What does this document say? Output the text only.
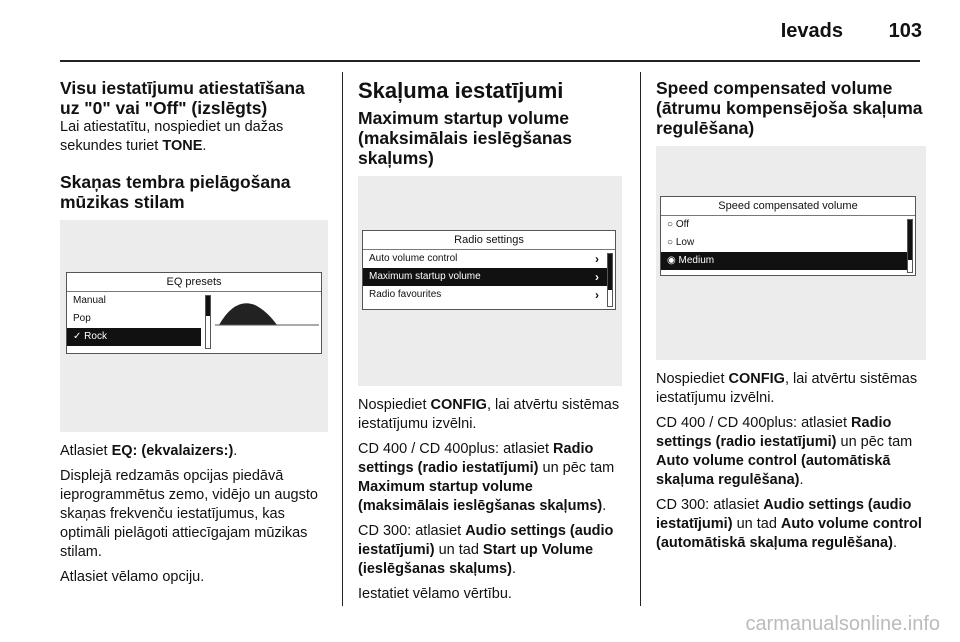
Ievads 103
Visu iestatījumu atiestatīšana uz "0" vai "Off" (izslēgts)

Lai atiestatītu, nospiediet un dažas sekundes turiet TONE.

Skaņas tembra pielāgošana mūzikas stilam
EQ presets
Manual
Pop
✓ Rock

Atlasiet EQ: (ekvalaizers:).

Displejā redzamās opcijas piedāvā ieprogrammētus zemo, vidējo un augsto skaņas frekvenču iestatījumus, kas optimāli pielāgoti attiecīgajam mūzikas stilam.

Atlasiet vēlamo opciju.

Skaļuma iestatījumi
Maximum startup volume (maksimālais ieslēgšanas skaļums)
Radio settings
Auto volume control	›
Maximum startup volume	›
Radio favourites	›

Nospiediet CONFIG, lai atvērtu sistēmas iestatījumu izvēlni.

CD 400 / CD 400plus: atlasiet Radio settings (radio iestatījumi) un pēc tam Maximum startup volume (maksimālais ieslēgšanas skaļums).

CD 300: atlasiet Audio settings (audio iestatījumi) un tad Start up Volume (ieslēgšanas skaļums).

Iestatiet vēlamo vērtību.

Speed compensated volume (ātrumu kompensējoša skaļuma regulēšana)
Speed compensated volume
○ Off
○ Low
◉ Medium

Nospiediet CONFIG, lai atvērtu sistēmas iestatījumu izvēlni.

CD 400 / CD 400plus: atlasiet Radio settings (radio iestatījumi) un pēc tam Auto volume control (automātiskā skaļuma regulēšana).

CD 300: atlasiet Audio settings (audio iestatījumi) un tad Auto volume control (automātiskā skaļuma regulēšana).

carmanualsonline.info
